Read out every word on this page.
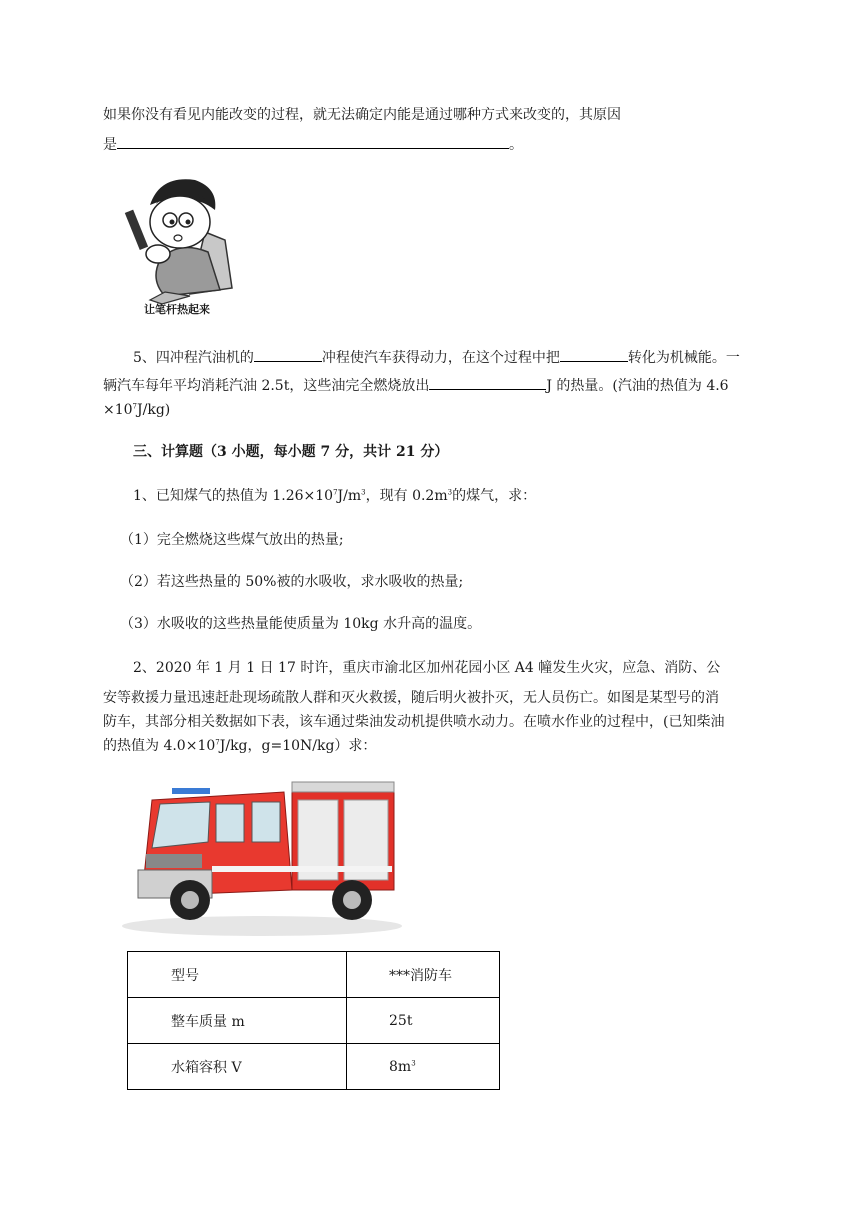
如果你没有看见内能改变的过程，就无法确定内能是通过哪种方式来改变的，其原因
是	。
让笔杆热起来
5、四冲程汽油机的	冲程使汽车获得动力，在这个过程中把	转化为机械能。一
辆汽车每年平均消耗汽油 2.5t，这些油完全燃烧放出	J 的热量。(汽油的热值为 4.6
$\times 10^7J/kg$)
三、计算题（3 小题，每小题 7 分，共计 21 分）
1、已知煤气的热值为 $1.26\times 10^7J/m^3$，现有 $0.2m^3$的煤气，求：
（1）完全燃烧这些煤气放出的热量;
（2）若这些热量的 50%被的水吸收，求水吸收的热量;
（3）水吸收的这些热量能使质量为 10kg 水升高的温度。
2、2020 年 1 月 1 日 17 时许，重庆市渝北区加州花园小区 A4 幢发生火灾，应急、消防、公
安等救援力量迅速赶赴现场疏散人群和灭火救援，随后明火被扑灭，无人员伤亡。如图是某型号的消
防车，其部分相关数据如下表，该车通过柴油发动机提供喷水动力。在喷水作业的过程中，(已知柴油
的热值为 $4.0\times 10^7J/kg$，g=10N/kg）求：
型号	***消防车
整车质量 m	25t
水箱容积 V	$8m^3$
